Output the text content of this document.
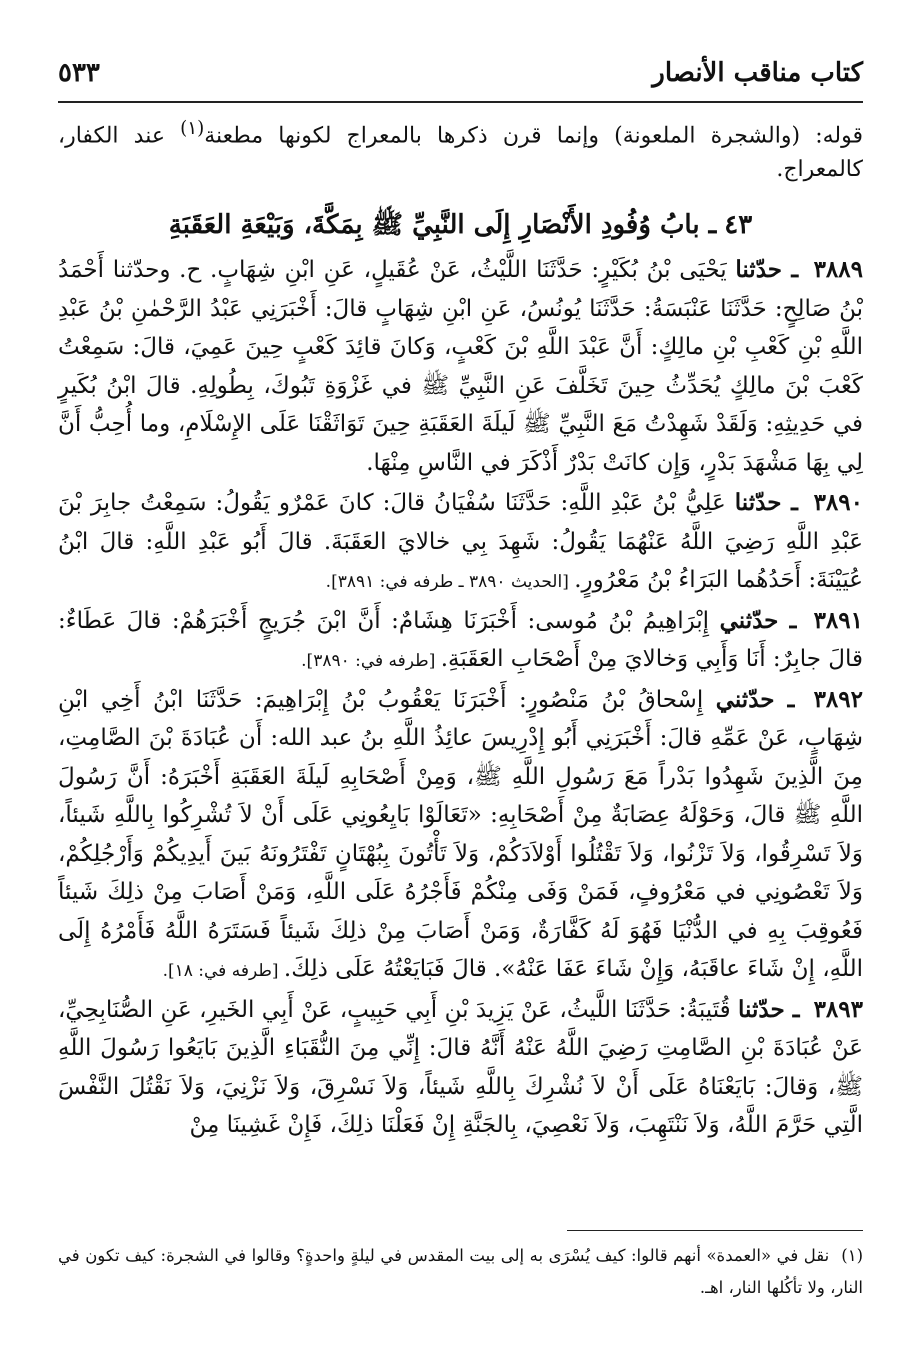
كتاب مناقب الأنصار
٥٣٣

قوله: (والشجرة الملعونة) وإنما قرن ذكرها بالمعراج لكونها مطعنة$^{(١)}$ عند الكفار، كالمعراج.

٤٣ـ بابُ وُفُودِ الأَنْصَارِ إِلَى النَّبِيِّ ﷺ بِمَكَّةَ، وَبَيْعَةِ العَقَبَةِ

٣٨٨٩ ـ حدّثنا يَحْيَى بْنُ بُكَيْرٍ: حَدَّثَنَا اللَّيْثُ، عَنْ عُقَيلٍ، عَنِ ابْنِ شِهَابٍ. ح. وحدّثنا أَحْمَدُ بْنُ صَالِحٍ: حَدَّثَنَا عَنْبَسَةُ: حَدَّثَنَا يُونُسُ، عَنِ ابْنِ شِهَابٍ قالَ: أَخْبَرَنِي عَبْدُ الرَّحْمٰنِ بْنُ عَبْدِ اللَّهِ بْنِ كَعْبِ بْنِ مالِكٍ: أَنَّ عَبْدَ اللَّهِ بْنَ كَعْبٍ، وَكانَ قائِدَ كَعْبٍ حِينَ عَمِيَ، قالَ: سَمِعْتُ كَعْبَ بْنَ مالِكٍ يُحَدِّثُ حِينَ تَخَلَّفَ عَنِ النَّبِيِّ ﷺ في غَزْوَةِ تَبُوكَ، بِطُولِهِ. قالَ ابْنُ بُكَيرٍ في حَدِيثِهِ: وَلَقَدْ شَهِدْتُ مَعَ النَّبِيِّ ﷺ لَيلَةَ العَقَبَةِ حِينَ تَوَاثَقْنَا عَلَى الإِسْلَامِ، وما أُحِبُّ أَنَّ لِي بِهَا مَشْهَدَ بَدْرٍ، وَإِن كانَتْ بَدْرٌ أَذْكَرَ في النَّاسِ مِنْهَا.

٣٨٩٠ ـ حدّثنا عَلِيُّ بْنُ عَبْدِ اللَّهِ: حَدَّثَنَا سُفْيَانُ قالَ: كانَ عَمْرٌو يَقُولُ: سَمِعْتُ جابِرَ بْنَ عَبْدِ اللَّهِ رَضِيَ اللَّهُ عَنْهُمَا يَقُولُ: شَهِدَ بِي خالايَ العَقَبَةَ. قالَ أَبُو عَبْدِ اللَّهِ: قالَ ابْنُ عُيَيْنَةَ: أَحَدُهُما البَرَاءُ بْنُ مَعْرُورٍ. [الحديث ٣٨٩٠ ـ طرفه في: ٣٨٩١].

٣٨٩١ ـ حدّثني إِبْرَاهِيمُ بْنُ مُوسى: أَخْبَرَنَا هِشَامٌ: أَنَّ ابْنَ جُرَيجٍ أَخْبَرَهُمْ: قالَ عَطَاءٌ: قالَ جابِرٌ: أَنَا وَأَبِي وَخالايَ مِنْ أَصْحَابِ العَقَبَةِ. [طرفه في: ٣٨٩٠].

٣٨٩٢ ـ حدّثني إِسْحاقُ بْنُ مَنْصُورٍ: أَخْبَرَنَا يَعْقُوبُ بْنُ إِبْرَاهِيمَ: حَدَّثَنَا ابْنُ أَخِي ابْنِ شِهَابٍ، عَنْ عَمِّهِ قالَ: أَخْبَرَنِي أَبُو إِدْرِيسَ عائِذُ اللَّهِ بنُ عبد الله: أَن عُبَادَةَ بْنَ الصَّامِتِ، مِنَ الَّذِينَ شَهِدُوا بَدْراً مَعَ رَسُولِ اللَّهِ ﷺ، وَمِنْ أَصْحَابِهِ لَيلَةَ العَقَبَةِ أَخْبَرَهُ: أَنَّ رَسُولَ اللَّهِ ﷺ قالَ، وَحَوْلَهُ عِصَابَةٌ مِنْ أَصْحَابِهِ: «تَعَالَوْا بَايِعُونِي عَلَى أَنْ لاَ تُشْرِكُوا بِاللَّهِ شَيئاً، وَلاَ تَسْرِقُوا، وَلاَ تَزْنُوا، وَلاَ تَقْتُلُوا أَوْلاَدَكُمْ، وَلاَ تَأْتُونَ بِبُهْتَانٍ تَفْتَرُونَهُ بَينَ أَيدِيكُمْ وَأَرْجُلِكُمْ، وَلاَ تَعْصُونِي في مَعْرُوفٍ، فَمَنْ وَفَى مِنْكُمْ فَأَجْرُهُ عَلَى اللَّهِ، وَمَنْ أَصَابَ مِنْ ذلِكَ شَيئاً فَعُوقِبَ بِهِ في الدُّنْيَا فَهُوَ لَهُ كَفَّارَةٌ، وَمَنْ أَصَابَ مِنْ ذلِكَ شَيئاً فَسَتَرَهُ اللَّهُ فَأَمْرُهُ إِلَى اللَّهِ، إِنْ شَاءَ عاقَبَهُ، وَإِنْ شَاءَ عَفَا عَنْهُ». قالَ فَبَايَعْتُهُ عَلَى ذلِكَ. [طرفه في: ١٨].

٣٨٩٣ ـ حدّثنا قُتَيبَةُ: حَدَّثَنَا اللَّيثُ، عَنْ يَزِيدَ بْنِ أَبِي حَبِيبٍ، عَنْ أَبِي الخَيرِ، عَنِ الصُّنَابِحِيِّ، عَنْ عُبَادَةَ بْنِ الصَّامِتِ رَضِيَ اللَّهُ عَنْهُ أَنَّهُ قالَ: إِنِّي مِنَ النُّقَبَاءِ الَّذِينَ بَايَعُوا رَسُولَ اللَّهِ ﷺ، وَقالَ: بَايَعْنَاهُ عَلَى أَنْ لاَ نُشْرِكَ بِاللَّهِ شَيئاً، وَلاَ نَسْرِقَ، وَلاَ نَزْنِيَ، وَلاَ نَقْتُلَ النَّفْسَ الَّتِي حَرَّمَ اللَّهُ، وَلاَ نَنْتَهِبَ، وَلاَ نَعْصِيَ، بِالجَنَّةِ إِنْ فَعَلْنَا ذلِكَ، فَإِنْ غَشِينَا مِنْ

(١)نقل في «العمدة» أنهم قالوا: كيف يُسْرَى به إلى بيت المقدس في ليلةٍ واحدةٍ؟ وقالوا في الشجرة: كيف تكون في النار، ولا تأكُلها النار، اهـ.
